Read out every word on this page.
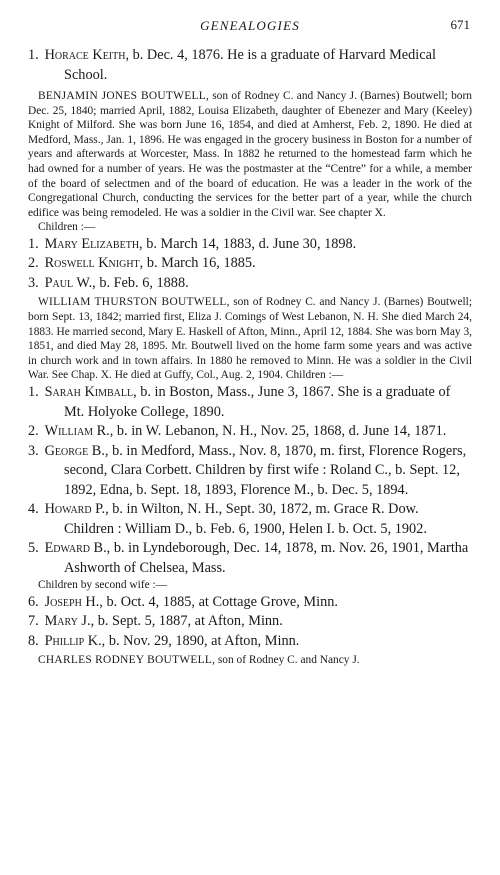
GENEALOGIES	671

1. Horace Keith, b. Dec. 4, 1876. He is a graduate of Harvard Medical School.

BENJAMIN JONES BOUTWELL, son of Rodney C. and Nancy J. (Barnes) Boutwell; born Dec. 25, 1840; married April, 1882, Louisa Elizabeth, daughter of Ebenezer and Mary (Keeley) Knight of Milford. She was born June 16, 1854, and died at Amherst, Feb. 2, 1890. He died at Medford, Mass., Jan. 1, 1896. He was engaged in the grocery business in Boston for a number of years and afterwards at Worcester, Mass. In 1882 he returned to the homestead farm which he had owned for a number of years. He was the postmaster at the “Centre” for a while, a member of the board of selectmen and of the board of education. He was a leader in the work of the Congregational Church, conducting the services for the better part of a year, while the church edifice was being remodeled. He was a soldier in the Civil war. See chapter X.

Children :—

1. Mary Elizabeth, b. March 14, 1883, d. June 30, 1898.

2. Roswell Knight, b. March 16, 1885.

3. Paul W., b. Feb. 6, 1888.

WILLIAM THURSTON BOUTWELL, son of Rodney C. and Nancy J. (Barnes) Boutwell; born Sept. 13, 1842; married first, Eliza J. Comings of West Lebanon, N. H. She died March 24, 1883. He married second, Mary E. Haskell of Afton, Minn., April 12, 1884. She was born May 3, 1851, and died May 28, 1895. Mr. Boutwell lived on the home farm some years and was active in church work and in town affairs. In 1880 he removed to Minn. He was a soldier in the Civil War. See Chap. X. He died at Guffy, Col., Aug. 2, 1904. Children :—

1. Sarah Kimball, b. in Boston, Mass., June 3, 1867. She is a graduate of Mt. Holyoke College, 1890.

2. William R., b. in W. Lebanon, N. H., Nov. 25, 1868, d. June 14, 1871.

3. George B., b. in Medford, Mass., Nov. 8, 1870, m. first, Florence Rogers, second, Clara Corbett. Children by first wife : Roland C., b. Sept. 12, 1892, Edna, b. Sept. 18, 1893, Florence M., b. Dec. 5, 1894.

4. Howard P., b. in Wilton, N. H., Sept. 30, 1872, m. Grace R. Dow. Children : William D., b. Feb. 6, 1900, Helen I. b. Oct. 5, 1902.

5. Edward B., b. in Lyndeborough, Dec. 14, 1878, m. Nov. 26, 1901, Martha Ashworth of Chelsea, Mass.

Children by second wife :—

6. Joseph H., b. Oct. 4, 1885, at Cottage Grove, Minn.

7. Mary J., b. Sept. 5, 1887, at Afton, Minn.

8. Phillip K., b. Nov. 29, 1890, at Afton, Minn.

CHARLES RODNEY BOUTWELL, son of Rodney C. and Nancy J.
